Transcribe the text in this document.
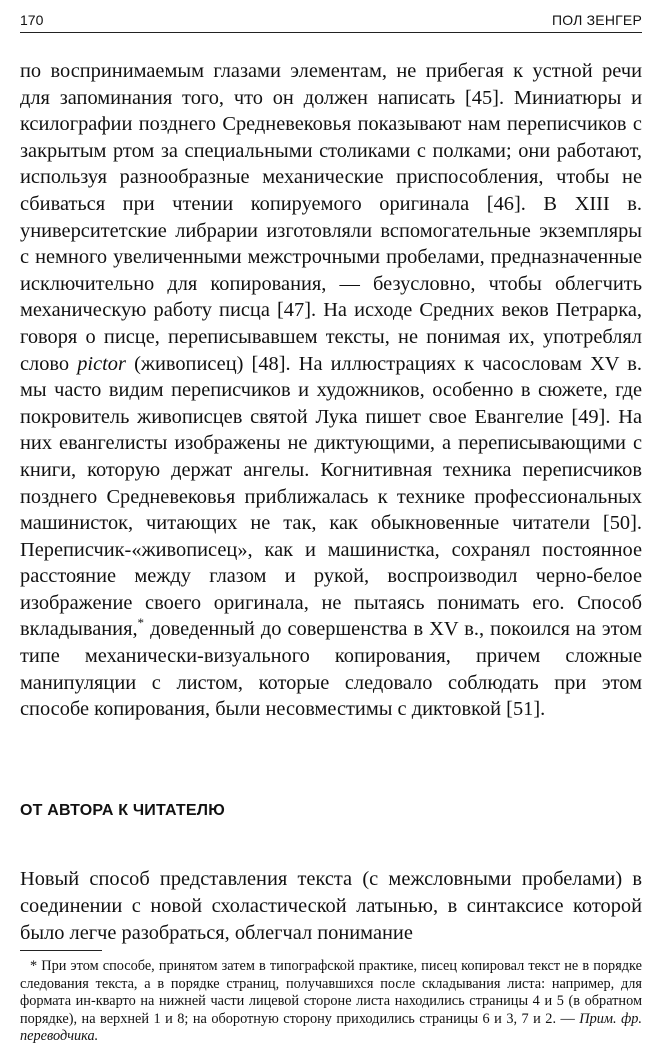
170	ПОЛ ЗЕНГЕР

по воспринимаемым глазами элементам, не прибегая к устной речи для запоминания того, что он должен написать [45]. Миниатюры и ксилографии позднего Средневековья показывают нам переписчиков с закрытым ртом за специальными столиками с полками; они работают, используя разнообразные механические приспособления, чтобы не сбиваться при чтении копируемого оригинала [46]. В XIII в. университетские либрарии изготовляли вспомогательные экземпляры с немного увеличенными межстрочными пробелами, предназначенные исключительно для копирования, — безусловно, чтобы облегчить механическую работу писца [47]. На исходе Средних веков Петрарка, говоря о писце, переписывавшем тексты, не понимая их, употреблял слово pictor (живописец) [48]. На иллюстрациях к часословам XV в. мы часто видим переписчиков и художников, особенно в сюжете, где покровитель живописцев святой Лука пишет свое Евангелие [49]. На них евангелисты изображены не диктующими, а переписывающими с книги, которую держат ангелы. Когнитивная техника переписчиков позднего Средневековья приближалась к технике профессиональных машинисток, читающих не так, как обыкновенные читатели [50]. Переписчик-«живописец», как и машинистка, сохранял постоянное расстояние между глазом и рукой, воспроизводил черно-белое изображение своего оригинала, не пытаясь понимать его. Способ вкладывания,* доведенный до совершенства в XV в., покоился на этом типе механически-визуального копирования, причем сложные манипуляции с листом, которые следовало соблюдать при этом способе копирования, были несовместимы с диктовкой [51].

ОТ АВТОРА К ЧИТАТЕЛЮ

Новый способ представления текста (с межсловными пробелами) в соединении с новой схоластической латынью, в синтаксисе которой было легче разобраться, облегчал понимание

* При этом способе, принятом затем в типографской практике, писец копировал текст не в порядке следования текста, а в порядке страниц, получавшихся после складывания листа: например, для формата ин-кварто на нижней части лицевой стороне листа находились страницы 4 и 5 (в обратном порядке), на верхней 1 и 8; на оборотную сторону приходились страницы 6 и 3, 7 и 2. — Прим. фр. переводчика.
